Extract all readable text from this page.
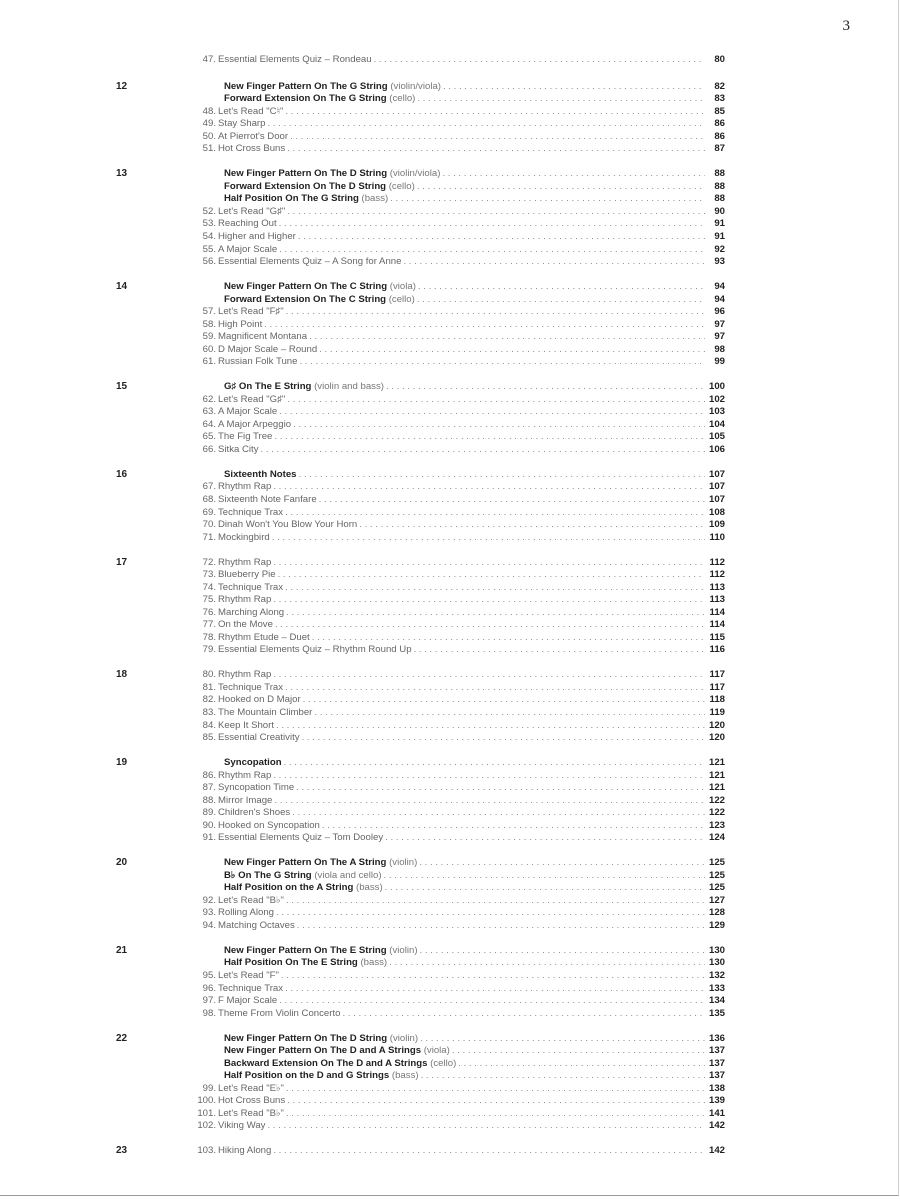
3
47. Essential Elements Quiz – Rondeau . . .	80
12	New Finger Pattern On The G String (violin/viola) . . .	82
Forward Extension On The G String (cello) . . .	83
48. Let's Read "C♮" . . .	85
49. Stay Sharp . . .	86
50. At Pierrot's Door . . .	86
51. Hot Cross Buns . . .	87
13	New Finger Pattern On The D String (violin/viola) . . .	88
Forward Extension On The D String (cello) . . .	88
Half Position On The G String (bass) . . .	88
52. Let's Read "G♯" . . .	90
53. Reaching Out . . .	91
54. Higher and Higher . . .	91
55. A Major Scale . . .	92
56. Essential Elements Quiz – A Song for Anne . . .	93
14	New Finger Pattern On The C String (viola) . . .	94
Forward Extension On The C String (cello) . . .	94
57. Let's Read "F♯" . . .	96
58. High Point . . .	97
59. Magnificent Montana . . .	97
60. D Major Scale – Round . . .	98
61. Russian Folk Tune . . .	99
15	G♯ On The E String (violin and bass) . . .	100
62. Let's Read "G♯" . . .	102
63. A Major Scale . . .	103
64. A Major Arpeggio . . .	104
65. The Fig Tree . . .	105
66. Sitka City . . .	106
16	Sixteenth Notes . . .	107
67. Rhythm Rap . . .	107
68. Sixteenth Note Fanfare . . .	107
69. Technique Trax . . .	108
70. Dinah Won't You Blow Your Horn . . .	109
71. Mockingbird . . .	110
17	72. Rhythm Rap . . .	112
73. Blueberry Pie . . .	112
74. Technique Trax . . .	113
75. Rhythm Rap . . .	113
76. Marching Along . . .	114
77. On the Move . . .	114
78. Rhythm Etude – Duet . . .	115
79. Essential Elements Quiz – Rhythm Round Up . . .	116
18	80. Rhythm Rap . . .	117
81. Technique Trax . . .	117
82. Hooked on D Major . . .	118
83. The Mountain Climber . . .	119
84. Keep It Short . . .	120
85. Essential Creativity . . .	120
19	Syncopation . . .	121
86. Rhythm Rap . . .	121
87. Syncopation Time . . .	121
88. Mirror Image . . .	122
89. Children's Shoes . . .	122
90. Hooked on Syncopation . . .	123
91. Essential Elements Quiz – Tom Dooley . . .	124
20	New Finger Pattern On The A String (violin) . . .	125
B♭ On The G String (viola and cello) . . .	125
Half Position on the A String (bass) . . .	125
92. Let's Read "B♭" . . .	127
93. Rolling Along . . .	128
94. Matching Octaves . . .	129
21	New Finger Pattern On The E String (violin) . . .	130
Half Position On The E String (bass) . . .	130
95. Let's Read "F" . . .	132
96. Technique Trax . . .	133
97. F Major Scale . . .	134
98. Theme From Violin Concerto . . .	135
22	New Finger Pattern On The D String (violin) . . .	136
New Finger Pattern On The D and A Strings (viola) . . .	137
Backward Extension On The D and A Strings (cello) . . .	137
Half Position on the D and G Strings (bass) . . .	137
99. Let's Read "E♭" . . .	138
100. Hot Cross Buns . . .	139
101. Let's Read "B♭" . . .	141
102. Viking Way . . .	142
23	103. Hiking Along . . .	142
